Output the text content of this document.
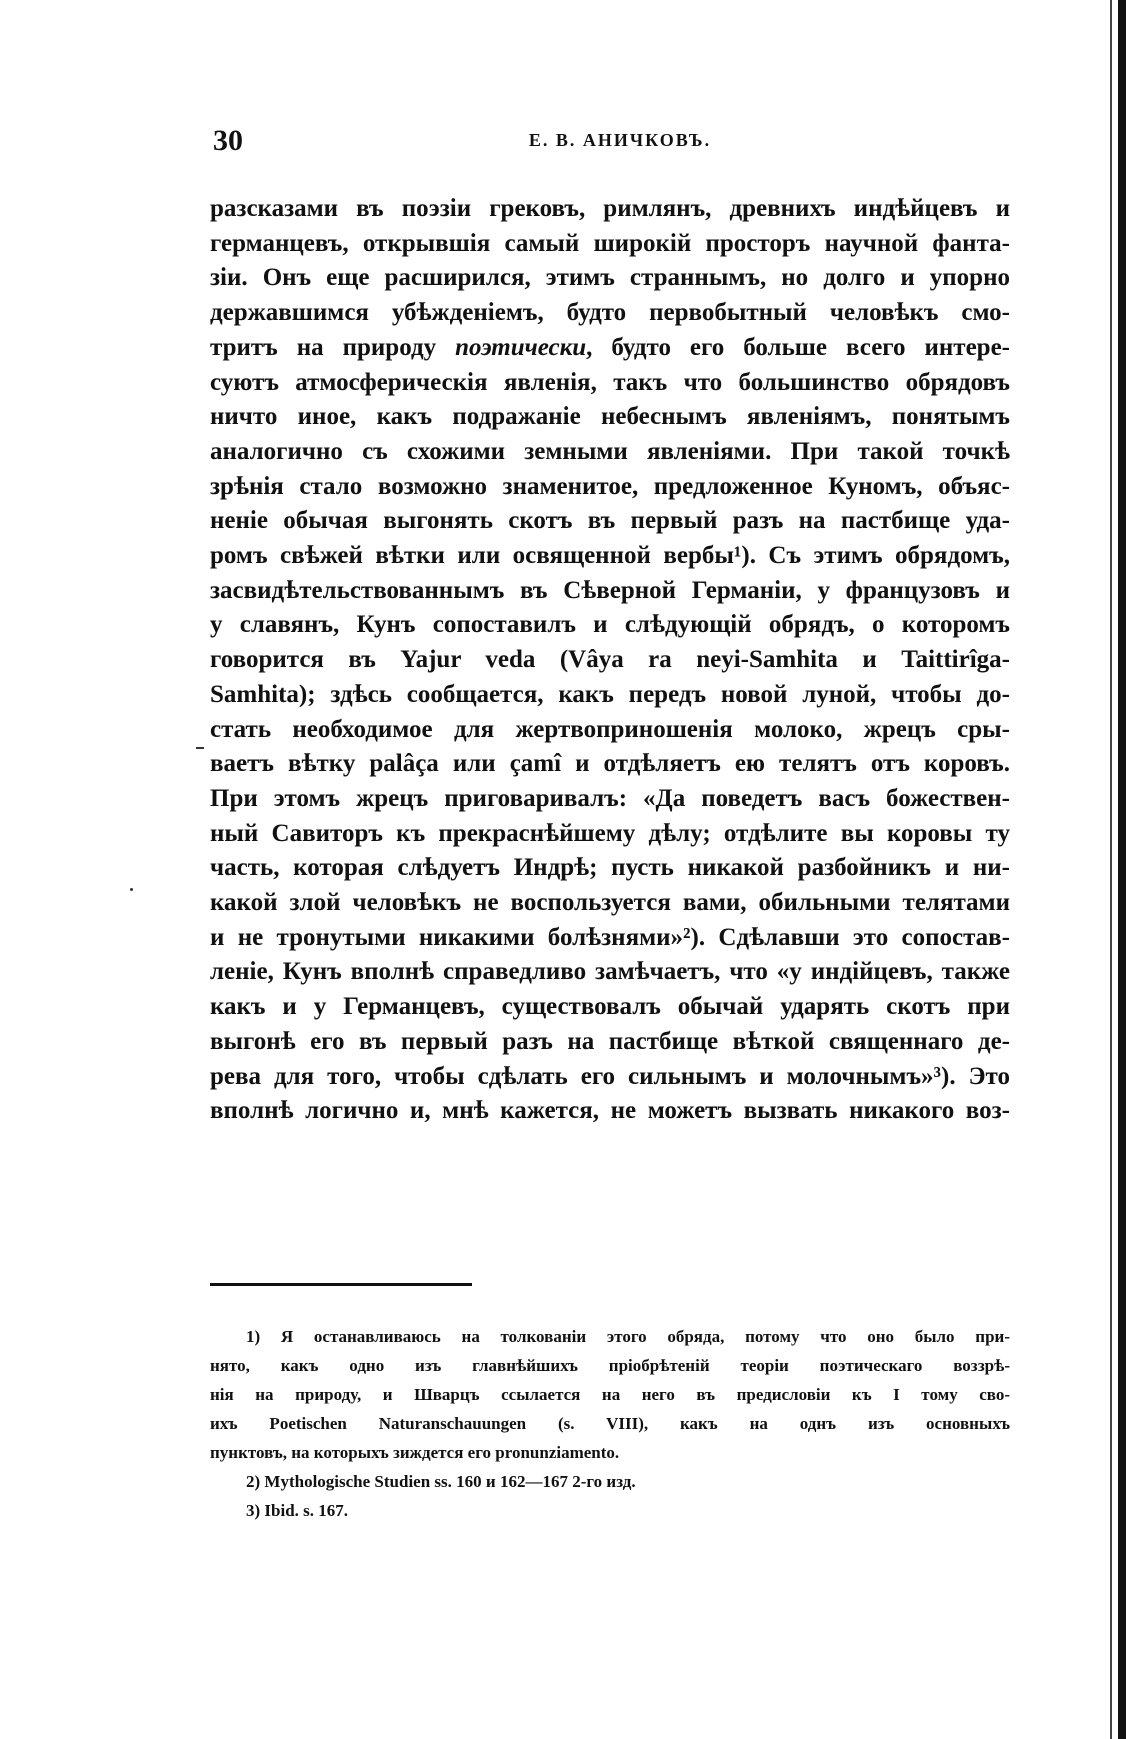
30	Е. В. АНИЧКОВЪ.
разсказами въ поэзіи грековъ, римлянъ, древнихъ индѣйцевъ и
германцевъ, открывшія самый широкій просторъ научной фанта-
зіи. Онъ еще расширился, этимъ страннымъ, но долго и упорно
державшимся убѣжденіемъ, будто первобытный человѣкъ смо-
тритъ на природу поэтически, будто его больше всего интере-
суютъ атмосферическія явленія, такъ что большинство обрядовъ
ничто иное, какъ подражаніе небеснымъ явленіямъ, понятымъ
аналогично съ схожими земными явленіями. При такой точкѣ
зрѣнія стало возможно знаменитое, предложенное Куномъ, объяс-
неніе обычая выгонять скотъ въ первый разъ на пастбище уда-
ромъ свѣжей вѣтки или освященной вербы¹). Съ этимъ обрядомъ,
засвидѣтельствованнымъ въ Сѣверной Германіи, у французовъ и
у славянъ, Кунъ сопоставилъ и слѣдующій обрядъ, о которомъ
говорится въ Yajur veda (Vâya ra neyi-Samhita и Taittirîga-
Samhita); здѣсь сообщается, какъ передъ новой луной, чтобы до-
стать необходимое для жертвоприношенія молоко, жрецъ сры-
ваетъ вѣтку palâça или çamî и отдѣляетъ ею телятъ отъ коровъ.
При этомъ жрецъ приговаривалъ: «Да поведетъ васъ божествен-
ный Савиторъ къ прекраснѣйшему дѣлу; отдѣлите вы коровы ту
часть, которая слѣдуетъ Индрѣ; пусть никакой разбойникъ и ни-
какой злой человѣкъ не воспользуется вами, обильными телятами
и не тронутыми никакими болѣзнями»²). Сдѣлавши это сопостав-
леніе, Кунъ вполнѣ справедливо замѣчаетъ, что «у индійцевъ, также
какъ и у Германцевъ, существовалъ обычай ударять скотъ при
выгонѣ его въ первый разъ на пастбище вѣткой священнаго де-
рева для того, чтобы сдѣлать его сильнымъ и молочнымъ»³). Это
вполнѣ логично и, мнѣ кажется, не можетъ вызвать никакого воз-
1) Я останавливаюсь на толкованіи этого обряда, потому что оно было при-
нято, какъ одно изъ главнѣйшихъ пріобрѣтеній теоріи поэтическаго воззрѣ-
нія на природу, и Шварцъ ссылается на него въ предисловіи къ I тому сво-
ихъ Poetischen Naturanschauungen (s. VIII), какъ на однъ изъ основныхъ
пунктовъ, на которыхъ зиждется его pronunziamento.
2) Mythologische Studien ss. 160 и 162—167 2-го изд.
3) Ibid. s. 167.
